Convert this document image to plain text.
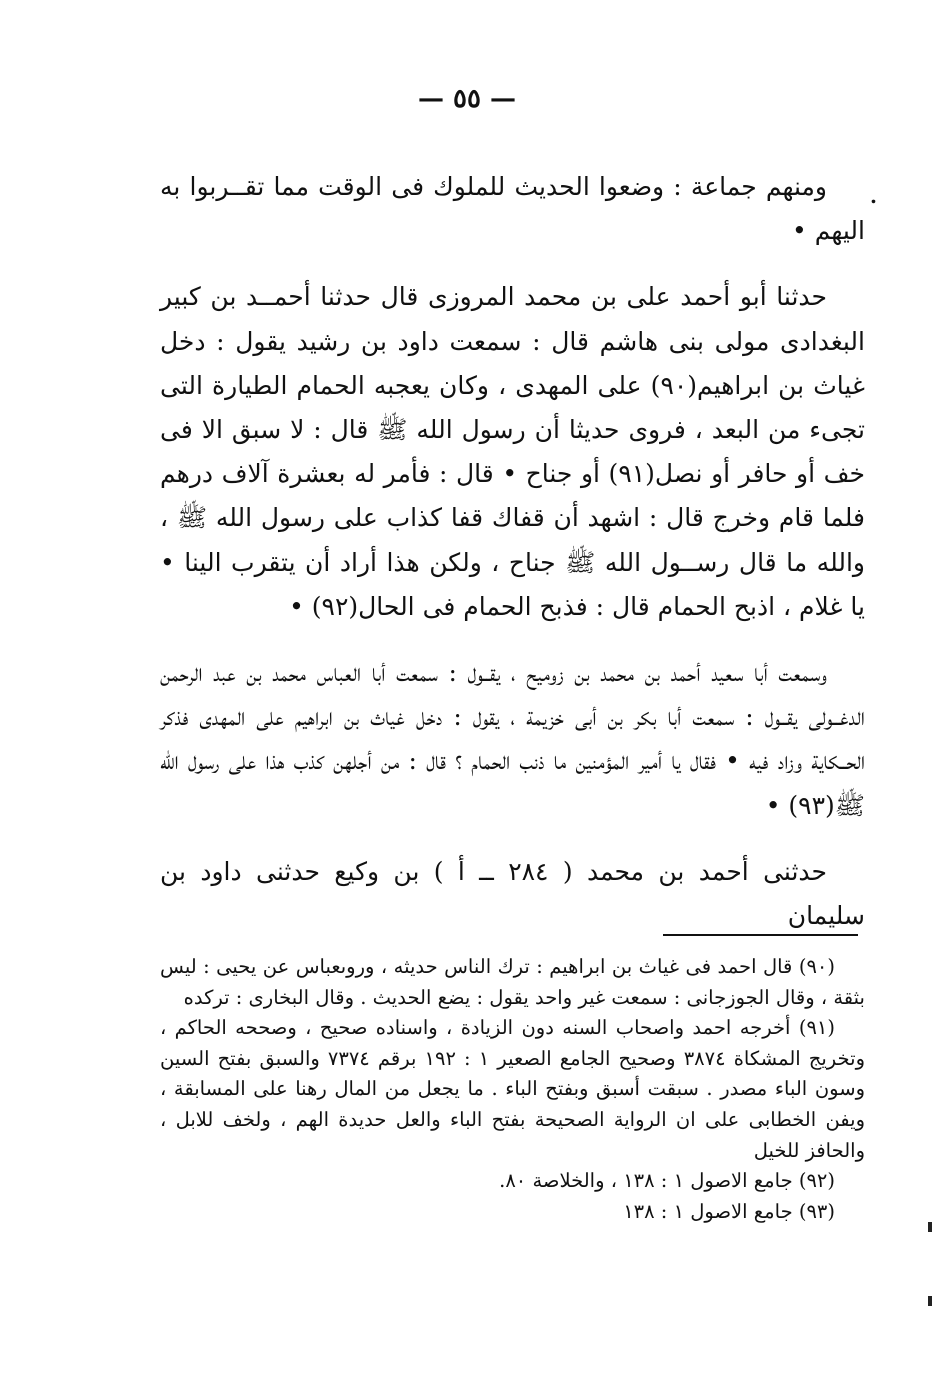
— ٥٥ —
.

ومنهم جماعة : وضعوا الحديث للملوك فى الوقت مما تقــربوا به اليهم •

حدثنا أبو أحمد على بن محمد المروزى قال حدثنا أحمــد بن كبير البغدادى مولى بنى هاشم قال : سمعت داود بن رشيد يقول : دخل غياث بن ابراهيم(٩٠) على المهدى ، وكان يعجبه الحمام الطيارة التى تجىء من البعد ، فروى حديثا أن رسول الله ﷺ قال : لا سبق الا فى خف أو حافر أو نصل(٩١) أو جناح • قال : فأمر له بعشرة آلاف درهم فلما قام وخرج قال : اشهد أن قفاك قفا كذاب على رسول الله ﷺ ، والله ما قال رســول الله ﷺ جناح ، ولكن هذا أراد أن يتقرب الينا • يا غلام ، اذبح الحمام قال : فذبح الحمام فى الحال(٩٢) •

وسمعت أبا سعيد أحمد بن محمد بن زوميح ، يقــول : سمعت أبا العباس محمد بن عبد الرحمن الدغــولى يقــول : سمعت أبا بكر بن أبى خزيمة ، يقول : دخل غياث بن ابراهيم على المهدى فذكر الحــكاية وزاد فيه • فقال يا أمير المؤمنين ما ذنب الحمام ؟ قال : من أجلهن كذب هذا على رسول الله ﷺ(٩٣) •

حدثنى أحمد بن محمد ( ٢٨٤ ــ أ ) بن وكيع حدثنى داود بن سليمان

(٩٠) قال احمد فى غياث بن ابراهيم : ترك الناس حديثه ، وروىعباس عن يحيى : ليس بثقة ، وقال الجوزجانى : سمعت غير واحد يقول : يضع الحديث . وقال البخارى : تركده

(٩١) أخرجه احمد واصحاب السنه دون الزيادة ، واسناده صحيح ، وصححه الحاكم ، وتخريج المشكاة ٣٨٧٤ وصحيح الجامع الصعير ١ : ١٩٢ برقم ٧٣٧٤ والسبق بفتح السين وسون الباء مصدر . سبقت أسبق وبفتح الباء . ما يجعل من المال رهنا على المسابقة ، ويفن الخطابى على ان الرواية الصحيحة بفتح الباء والعل حديدة الهم ، ولخف للابل ، والحافز للخيل

(٩٢) جامع الاصول ١ : ١٣٨ ، والخلاصة ٨٠.

(٩٣) جامع الاصول ١ : ١٣٨
